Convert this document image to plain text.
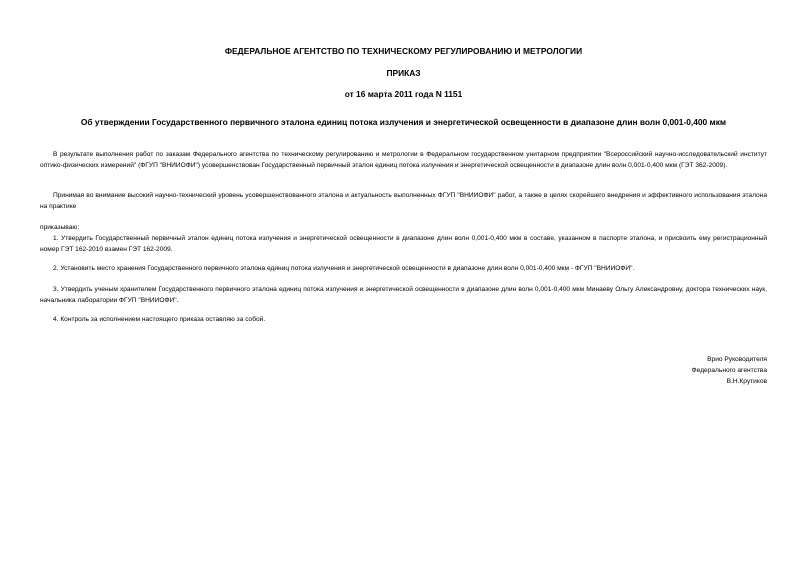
ФЕДЕРАЛЬНОЕ АГЕНТСТВО ПО ТЕХНИЧЕСКОМУ РЕГУЛИРОВАНИЮ И МЕТРОЛОГИИ
ПРИКАЗ
от 16 марта 2011 года N 1151
Об утверждении Государственного первичного эталона единиц потока излучения и энергетической освещенности в диапазоне длин волн 0,001-0,400 мкм
В результате выполнения работ по заказам Федерального агентства по техническому регулированию и метрологии в Федеральном государственном унитарном предприятии "Всероссийский научно-исследовательский институт оптико-физических измерений" (ФГУП "ВНИИОФИ") усовершенствован Государственный первичный эталон единиц потока излучения и энергетической освещенности в диапазоне длин волн 0,001-0,400 мкм (ГЭТ 362-2009).
Принимая во внимание высокий научно-технический уровень усовершенствованного эталона и актуальность выполненных ФГУП "ВНИИОФИ" работ, а также в целях скорейшего внедрения и эффективного использования эталона на практике
приказываю:
1. Утвердить Государственный первичный эталон единиц потока излучения и энергетической освещенности в диапазоне длин волн 0,001-0,400 мкм в составе, указанном в паспорте эталона, и присвоить ему регистрационный номер ГЭТ 162-2010 взамен ГЭТ 162-2009.
2. Установить место хранения Государственного первичного эталона единиц потока излучения и энергетической освещенности в диапазоне длин волн 0,001-0,400 мкм - ФГУП "ВНИИОФИ".
3. Утвердить ученым хранителем Государственного первичного эталона единиц потока излучения и энергетической освещенности в диапазоне длин волн 0,001-0,400 мкм Минаеву Ольгу Александровну, доктора технических наук, начальника лаборатории ФГУП "ВНИИОФИ".
4. Контроль за исполнением настоящего приказа оставляю за собой.
Врио Руководителя
Федерального агентства
В.Н.Крутиков
